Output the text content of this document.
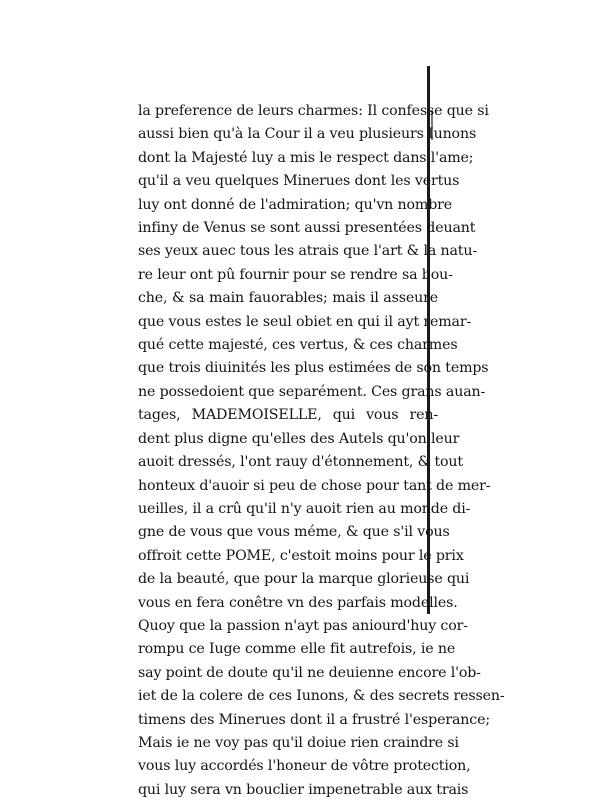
la preference de leurs charmes: Il confesse que si
aussi bien qu'à la Cour il a veu plusieurs Iunons
dont la Majesté luy a mis le respect dans l'ame;
qu'il a veu quelques Minerues dont les vertus
luy ont donné de l'admiration; qu'vn nombre
infiny de Venus se sont aussi presentées deuant
ses yeux auec tous les atrais que l'art & la natu-
re leur ont pû fournir pour se rendre sa bou-
che, & sa main fauorables; mais il asseure
que vous estes le seul obiet en qui il ayt remar-
qué cette majesté, ces vertus, & ces charmes
que trois diuinités les plus estimées de son temps
ne possedoient que separément. Ces grans auan-
tages, MADEMOISELLE, qui vous ren-
dent plus digne qu'elles des Autels qu'on leur
auoit dressés, l'ont rauy d'étonnement, & tout
honteux d'auoir si peu de chose pour tant de mer-
ueilles, il a crû qu'il n'y auoit rien au monde di-
gne de vous que vous méme, & que s'il vous
offroit cette POME, c'estoit moins pour le prix
de la beauté, que pour la marque glorieuse qui
vous en fera conêtre vn des parfais modelles.
Quoy que la passion n'ayt pas aniourd'huy cor-
rompu ce Iuge comme elle fit autrefois, ie ne
say point de doute qu'il ne deuienne encore l'ob-
iet de la colere de ces Iunons, & des secrets ressen-
timens des Minerues dont il a frustré l'esperance;
Mais ie ne voy pas qu'il doiue rien craindre si
vous luy accordés l'honeur de vôtre protection,
qui luy sera vn bouclier impenetrable aux trais
